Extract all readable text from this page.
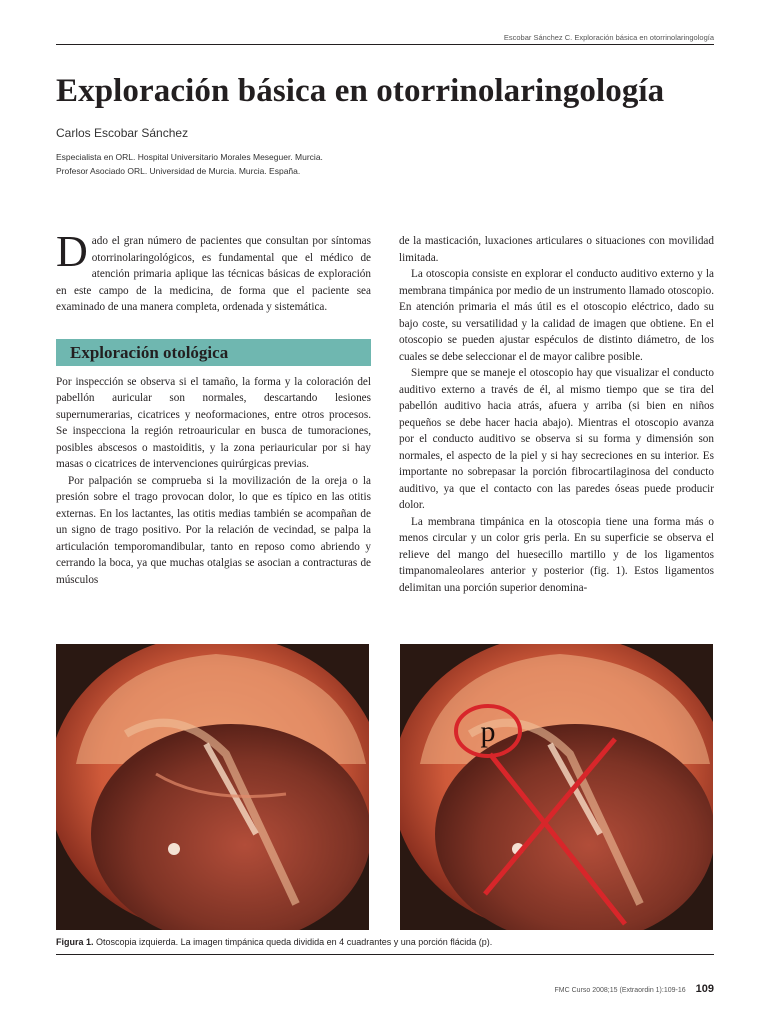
Escobar Sánchez C. Exploración básica en otorrinolaringología
Exploración básica en otorrinolaringología
Carlos Escobar Sánchez
Especialista en ORL. Hospital Universitario Morales Meseguer. Murcia.
Profesor Asociado ORL. Universidad de Murcia. Murcia. España.

Dado el gran número de pacientes que consultan por síntomas otorrinolaringológicos, es fundamental que el médico de atención primaria aplique las técnicas básicas de exploración en este campo de la medicina, de forma que el paciente sea examinado de una manera completa, ordenada y sistemática.

Exploración otológica

Por inspección se observa si el tamaño, la forma y la coloración del pabellón auricular son normales, descartando lesiones supernumerarias, cicatrices y neoformaciones, entre otros procesos. Se inspecciona la región retroauricular en busca de tumoraciones, posibles abscesos o mastoiditis, y la zona periauricular por si hay masas o cicatrices de intervenciones quirúrgicas previas.

Por palpación se comprueba si la movilización de la oreja o la presión sobre el trago provocan dolor, lo que es típico en las otitis externas. En los lactantes, las otitis medias también se acompañan de un signo de trago positivo. Por la relación de vecindad, se palpa la articulación temporomandibular, tanto en reposo como abriendo y cerrando la boca, ya que muchas otalgias se asocian a contracturas de músculos

de la masticación, luxaciones articulares o situaciones con movilidad limitada.

La otoscopia consiste en explorar el conducto auditivo externo y la membrana timpánica por medio de un instrumento llamado otoscopio. En atención primaria el más útil es el otoscopio eléctrico, dado su bajo coste, su versatilidad y la calidad de imagen que obtiene. En el otoscopio se pueden ajustar espéculos de distinto diámetro, de los cuales se debe seleccionar el de mayor calibre posible.

Siempre que se maneje el otoscopio hay que visualizar el conducto auditivo externo a través de él, al mismo tiempo que se tira del pabellón auditivo hacia atrás, afuera y arriba (si bien en niños pequeños se debe hacer hacia abajo). Mientras el otoscopio avanza por el conducto auditivo se observa si su forma y dimensión son normales, el aspecto de la piel y si hay secreciones en su interior. Es importante no sobrepasar la porción fibrocartilaginosa del conducto auditivo, ya que el contacto con las paredes óseas puede producir dolor.

La membrana timpánica en la otoscopia tiene una forma más o menos circular y un color gris perla. En su superficie se observa el relieve del mango del huesecillo martillo y de los ligamentos timpanomaleolares anterior y posterior (fig. 1). Estos ligamentos delimitan una porción superior denomina-

p
Figura 1. Otoscopia izquierda. La imagen timpánica queda dividida en 4 cuadrantes y una porción flácida (p).
FMC Curso 2008;15 (Extraordin 1):109-16 109
